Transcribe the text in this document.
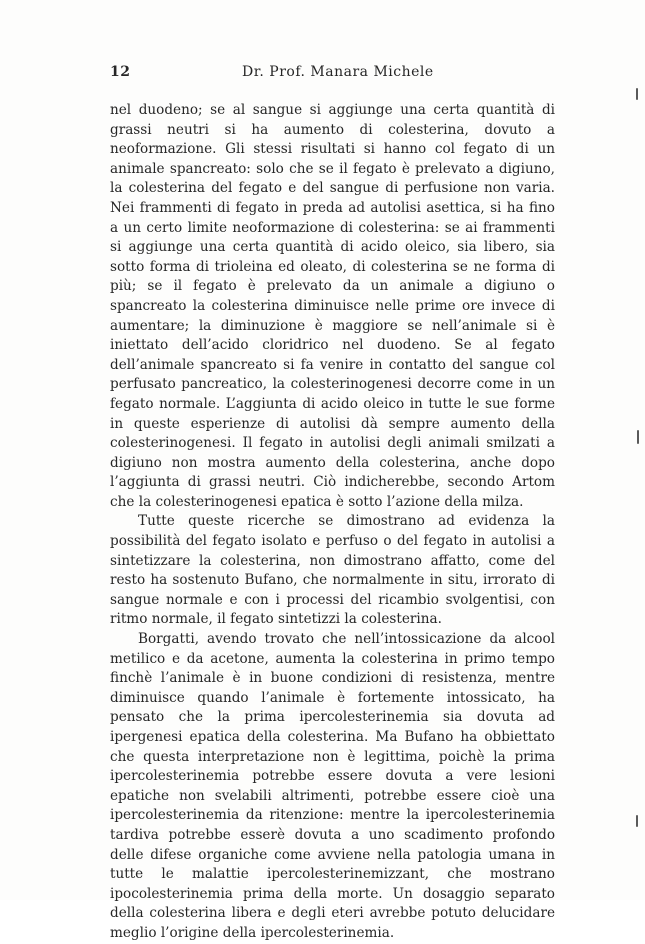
12	Dr. Prof. Manara Michele

nel duodeno; se al sangue si aggiunge una certa quantità di grassi neutri si ha aumento di colesterina, dovuto a neoformazione. Gli stessi risultati si hanno col fegato di un animale spancreato: solo che se il fegato è prelevato a digiuno, la colesterina del fegato e del sangue di perfusione non varia. Nei frammenti di fegato in preda ad autolisi asettica, si ha fino a un certo limite neoformazione di colesterina: se ai frammenti si aggiunge una certa quantità di acido oleico, sia libero, sia sotto forma di trioleina ed oleato, di colesterina se ne forma di più; se il fegato è prelevato da un animale a digiuno o spancreato la colesterina diminuisce nelle prime ore invece di aumentare; la diminuzione è maggiore se nell’animale si è iniettato dell’acido cloridrico nel duodeno. Se al fegato dell’animale spancreato si fa venire in contatto del sangue col perfusato pancreatico, la colesterinogenesi decorre come in un fegato normale. L’aggiunta di acido oleico in tutte le sue forme in queste esperienze di autolisi dà sempre aumento della colesterinogenesi. Il fegato in autolisi degli animali smilzati a digiuno non mostra aumento della colesterina, anche dopo l’aggiunta di grassi neutri. Ciò indicherebbe, secondo Artom che la colesterinogenesi epatica è sotto l’azione della milza.

Tutte queste ricerche se dimostrano ad evidenza la possibilità del fegato isolato e perfuso o del fegato in autolisi a sintetizzare la colesterina, non dimostrano affatto, come del resto ha sostenuto Bufano, che normalmente in situ, irrorato di sangue normale e con i processi del ricambio svolgentisi, con ritmo normale, il fegato sintetizzi la colesterina.

Borgatti, avendo trovato che nell’intossicazione da alcool metilico e da acetone, aumenta la colesterina in primo tempo finchè l’animale è in buone condizioni di resistenza, mentre diminuisce quando l’animale è fortemente intossicato, ha pensato che la prima ipercolesterinemia sia dovuta ad ipergenesi epatica della colesterina. Ma Bufano ha obbiettato che questa interpretazione non è legittima, poichè la prima ipercolesterinemia potrebbe essere dovuta a vere lesioni epatiche non svelabili altrimenti, potrebbe essere cioè una ipercolesterinemia da ritenzione: mentre la ipercolesterinemia tardiva potrebbe esserè dovuta a uno scadimento profondo delle difese organiche come avviene nella patologia umana in tutte le malattie ipercolesterinemizzant, che mostrano ipocolesterinemia prima della morte. Un dosaggio separato della colesterina libera e degli eteri avrebbe potuto delucidare meglio l’origine della ipercolesterinemia.
